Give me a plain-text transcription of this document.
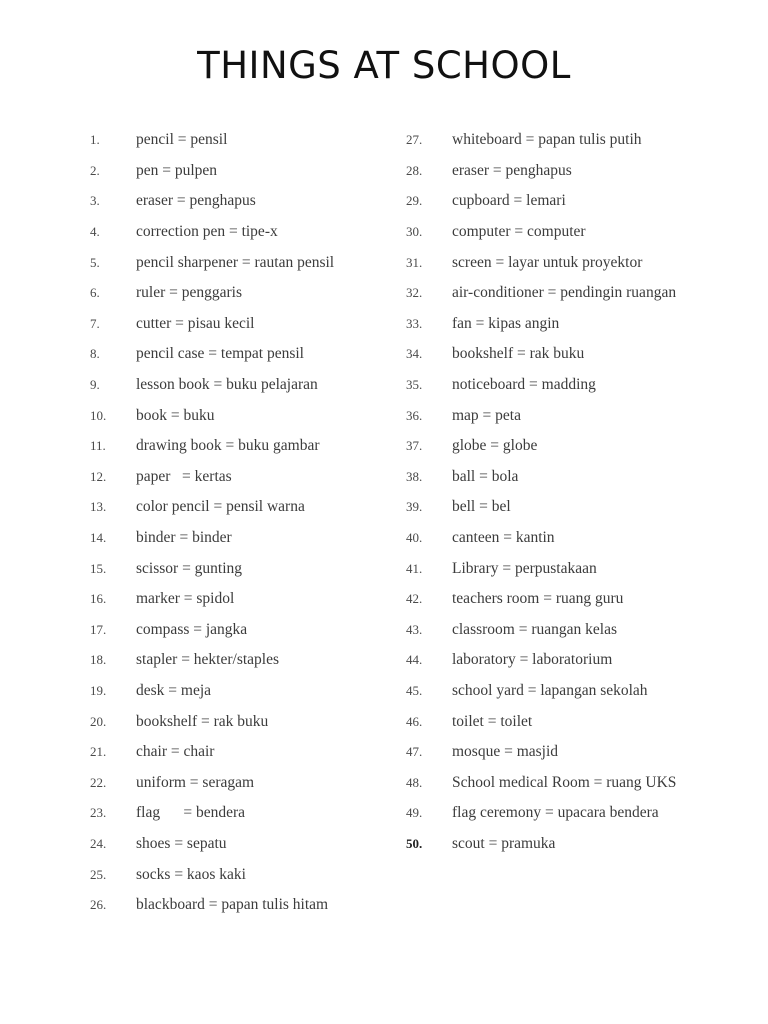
THINGS AT SCHOOL
1.	pencil = pensil
2.	pen = pulpen
3.	eraser = penghapus
4.	correction pen = tipe-x
5.	pencil sharpener = rautan pensil
6.	ruler = penggaris
7.	cutter = pisau kecil
8.	pencil case = tempat pensil
9.	lesson book = buku pelajaran
10.	book = buku
11.	drawing book = buku gambar
12.	paper   = kertas
13.	color pencil = pensil warna
14.	binder = binder
15.	scissor = gunting
16.	marker = spidol
17.	compass = jangka
18.	stapler = hekter/staples
19.	desk = meja
20.	bookshelf = rak buku
21.	chair = chair
22.	uniform = seragam
23.	flag      = bendera
24.	shoes = sepatu
25.	socks = kaos kaki
26.	blackboard = papan tulis hitam
27.	whiteboard = papan tulis putih
28.	eraser = penghapus
29.	cupboard = lemari
30.	computer = computer
31.	screen = layar untuk proyektor
32.	air-conditioner = pendingin ruangan
33.	fan = kipas angin
34.	bookshelf = rak buku
35.	noticeboard = madding
36.	map = peta
37.	globe = globe
38.	ball = bola
39.	bell = bel
40.	canteen = kantin
41.	Library = perpustakaan
42.	teachers room = ruang guru
43.	classroom = ruangan kelas
44.	laboratory = laboratorium
45.	school yard = lapangan sekolah
46.	toilet = toilet
47.	mosque = masjid
48.	School medical Room = ruang UKS
49.	flag ceremony = upacara bendera
50.	scout = pramuka
